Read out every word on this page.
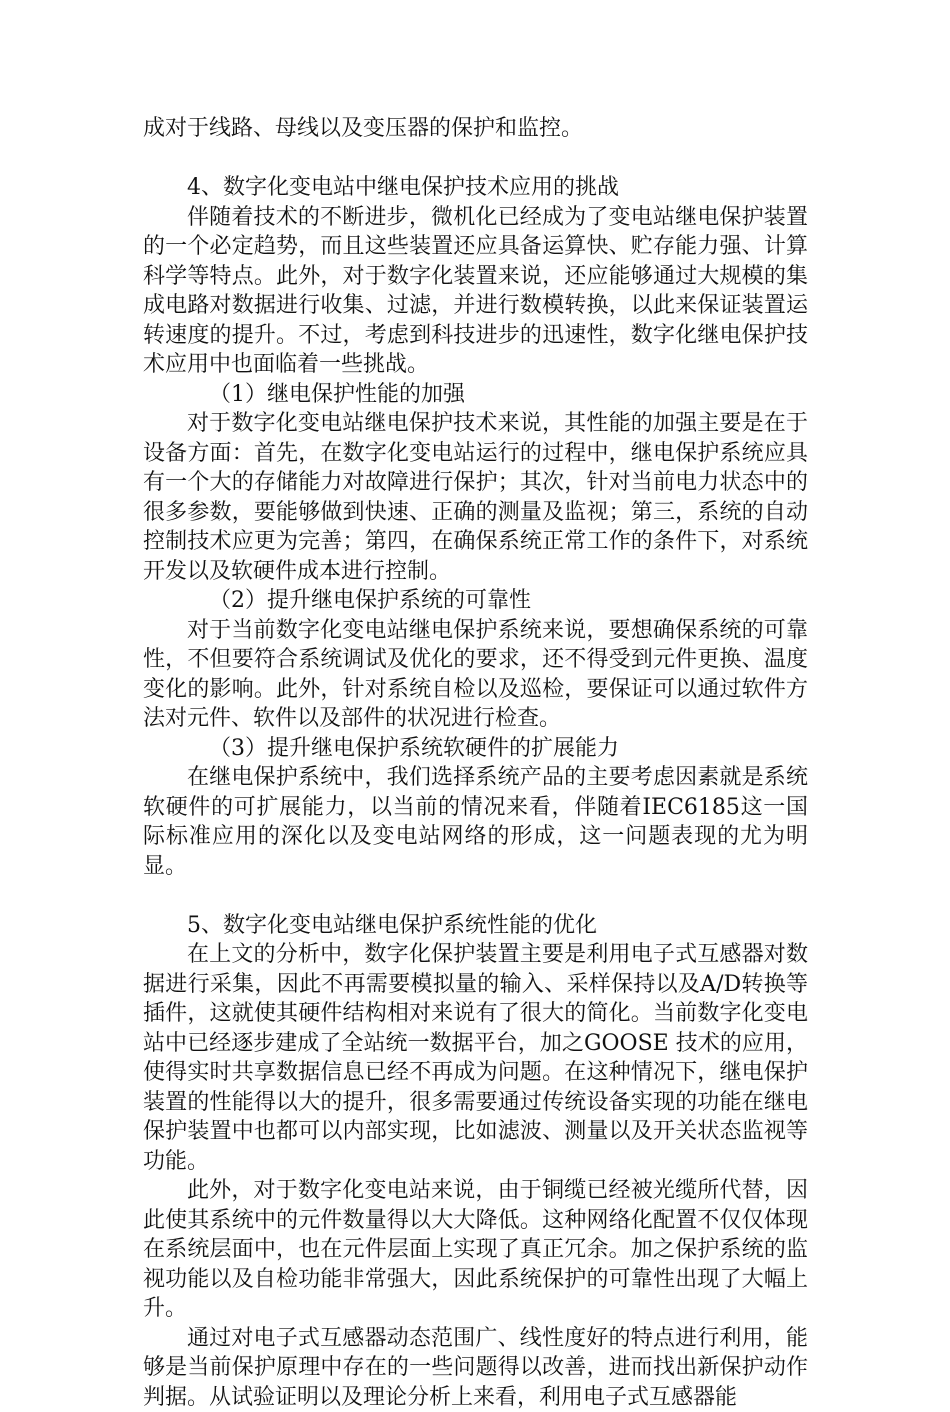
成对于线路、母线以及变压器的保护和监控。

4、数字化变电站中继电保护技术应用的挑战

伴随着技术的不断进步，微机化已经成为了变电站继电保护装置的一个必定趋势，而且这些装置还应具备运算快、贮存能力强、计算科学等特点。此外，对于数字化装置来说，还应能够通过大规模的集成电路对数据进行收集、过滤，并进行数模转换，以此来保证装置运转速度的提升。不过，考虑到科技进步的迅速性，数字化继电保护技术应用中也面临着一些挑战。

（1）继电保护性能的加强

对于数字化变电站继电保护技术来说，其性能的加强主要是在于设备方面：首先，在数字化变电站运行的过程中，继电保护系统应具有一个大的存储能力对故障进行保护；其次，针对当前电力状态中的很多参数，要能够做到快速、正确的测量及监视；第三，系统的自动控制技术应更为完善；第四，在确保系统正常工作的条件下，对系统开发以及软硬件成本进行控制。

（2）提升继电保护系统的可靠性

对于当前数字化变电站继电保护系统来说，要想确保系统的可靠性，不但要符合系统调试及优化的要求，还不得受到元件更换、温度变化的影响。此外，针对系统自检以及巡检，要保证可以通过软件方法对元件、软件以及部件的状况进行检查。

（3）提升继电保护系统软硬件的扩展能力

在继电保护系统中，我们选择系统产品的主要考虑因素就是系统软硬件的可扩展能力，以当前的情况来看，伴随着IEC6185这一国际标准应用的深化以及变电站网络的形成，这一问题表现的尤为明显。

5、数字化变电站继电保护系统性能的优化

在上文的分析中，数字化保护装置主要是利用电子式互感器对数据进行采集，因此不再需要模拟量的输入、采样保持以及A/D转换等插件，这就使其硬件结构相对来说有了很大的简化。当前数字化变电站中已经逐步建成了全站统一数据平台，加之GOOSE 技术的应用，使得实时共享数据信息已经不再成为问题。在这种情况下，继电保护装置的性能得以大的提升，很多需要通过传统设备实现的功能在继电保护装置中也都可以内部实现，比如滤波、测量以及开关状态监视等功能。

此外，对于数字化变电站来说，由于铜缆已经被光缆所代替，因此使其系统中的元件数量得以大大降低。这种网络化配置不仅仅体现在系统层面中，也在元件层面上实现了真正冗余。加之保护系统的监视功能以及自检功能非常强大，因此系统保护的可靠性出现了大幅上升。

通过对电子式互感器动态范围广、线性度好的特点进行利用，能够是当前保护原理中存在的一些问题得以改善，进而找出新保护动作判据。从试验证明以及理论分析上来看，利用电子式互感器能
